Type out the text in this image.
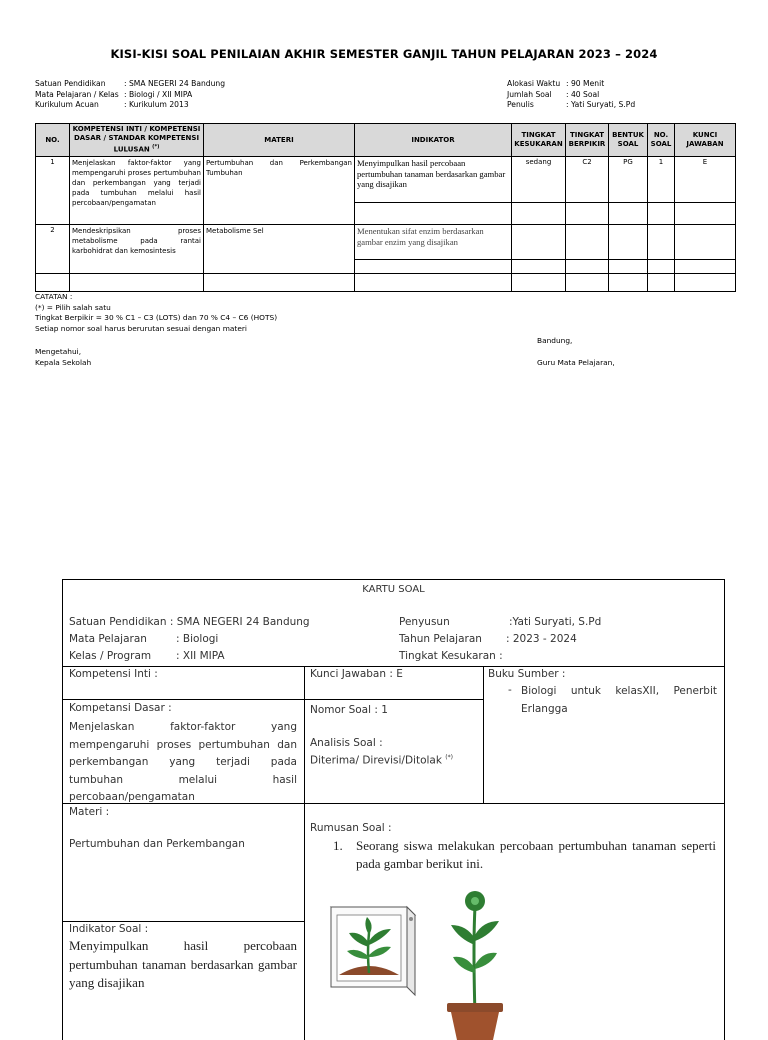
KISI-KISI SOAL PENILAIAN AKHIR SEMESTER GANJIL TAHUN PELAJARAN 2023 – 2024
Satuan Pendidikan : SMA NEGERI 24 Bandung
Mata Pelajaran / Kelas : Biologi / XII MIPA
Kurikulum Acuan	: Kurikulum 2013
Alokasi Waktu : 90 Menit
Jumlah Soal : 40 Soal
Penulis	: Yati Suryati, S.Pd
NO.	KOMPETENSI INTI / KOMPETENSI DASAR / STANDAR KOMPETENSI LULUSAN (*)	MATERI	INDIKATOR	TINGKAT KESUKARAN	TINGKAT BERPIKIR	BENTUK SOAL	NO. SOAL	KUNCI JAWABAN
1	Menjelaskan faktor-faktor yang mempengaruhi proses pertumbuhan dan perkembangan yang terjadi pada tumbuhan melalui hasil percobaan/pengamatan	Pertumbuhan dan Perkembangan Tumbuhan	Menyimpulkan hasil percobaan pertumbuhan tanaman berdasarkan gambar yang disajikan	sedang	C2	PG	1	E

2	Mendeskripsikan proses metabolisme pada rantai karbohidrat dan kemosintesis	Metabolisme Sel	Menentukan sifat enzim berdasarkan gambar enzim yang disajikan					

CATATAN :
(*) = Pilih salah satu
Tingkat Berpikir = 30 % C1 – C3 (LOTS) dan 70 % C4 – C6 (HOTS)
Setiap nomor soal harus berurutan sesuai dengan materi
Bandung,
Mengetahui,
Kepala Sekolah	Guru Mata Pelajaran,
KARTU SOAL
Satuan Pendidikan : SMA NEGERI 24 Bandung
Mata Pelajaran	: Biologi
Kelas / Program : XII MIPA
Penyusun	:Yati Suryati, S.Pd
Tahun Pelajaran : 2023 - 2024
Tingkat Kesukaran :
Kompetensi Inti :	Kunci Jawaban : E	Buku Sumber :
- Biologi untuk kelasXII, Penerbit Erlangga
Kompetansi Dasar :
Menjelaskan faktor-faktor yang mempengaruhi proses pertumbuhan dan perkembangan yang terjadi pada tumbuhan melalui hasil percobaan/pengamatan
Nomor Soal : 1
Analisis Soal :
Diterima/ Direvisi/Ditolak (*)
Materi :
Pertumbuhan dan Perkembangan
Rumusan Soal :
1. Seorang siswa melakukan percobaan pertumbuhan tanaman seperti pada gambar berikut ini.
Indikator Soal :
Menyimpulkan hasil percobaan pertumbuhan tanaman berdasarkan gambar yang disajikan
